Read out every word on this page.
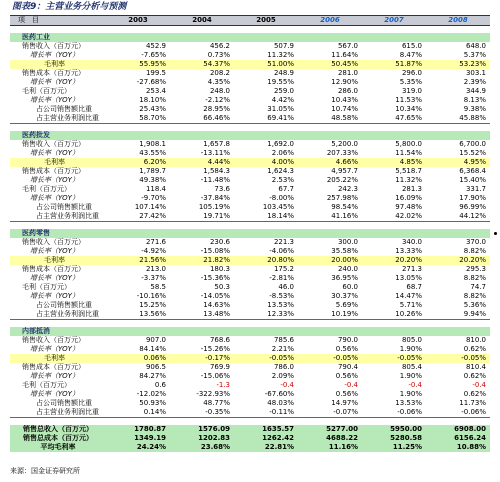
图表9：主营业务分析与预测
项　目	2003	2004	2005	2006	2007	2008

医药工业						
销售收入（百万元）	452.9	456.2	507.9	567.0	615.0	648.0
增长率（YOY）	-7.65%	0.73%	11.32%	11.64%	8.47%	5.37%
毛利率	55.95%	54.37%	51.00%	50.45%	51.87%	53.23%
销售成本（百万元）	199.5	208.2	248.9	281.0	296.0	303.1
增长率（YOY）	-27.68%	4.35%	19.55%	12.90%	5.35%	2.39%
毛利（百万元）	253.4	248.0	259.0	286.0	319.0	344.9
增长率（YOY）	18.10%	-2.12%	4.42%	10.43%	11.53%	8.13%
占公司销售额比重	25.43%	28.95%	31.05%	10.74%	10.34%	9.38%
占主营业务利润比重	58.70%	66.46%	69.41%	48.58%	47.65%	45.88%

医药批发						
销售收入（百万元）	1,908.1	1,657.8	1,692.0	5,200.0	5,800.0	6,700.0
增长率（YOY）	43.55%	-13.11%	2.06%	207.33%	11.54%	15.52%
毛利率	6.20%	4.44%	4.00%	4.66%	4.85%	4.95%
销售成本（百万元）	1,789.7	1,584.3	1,624.3	4,957.7	5,518.7	6,368.4
增长率（YOY）	49.38%	-11.48%	2.53%	205.22%	11.32%	15.40%
毛利（百万元）	118.4	73.6	67.7	242.3	281.3	331.7
增长率（YOY）	-9.70%	-37.84%	-8.00%	257.98%	16.09%	17.90%
占公司销售额比重	107.14%	105.19%	103.45%	98.54%	97.48%	96.99%
占主营业务利润比重	27.42%	19.71%	18.14%	41.16%	42.02%	44.12%

医药零售						
销售收入（百万元）	271.6	230.6	221.3	300.0	340.0	370.0
增长率（YOY）	-4.92%	-15.08%	-4.06%	35.58%	13.33%	8.82%
毛利率	21.56%	21.82%	20.80%	20.00%	20.20%	20.20%
销售成本（百万元）	213.0	180.3	175.2	240.0	271.3	295.3
增长率（YOY）	-3.37%	-15.36%	-2.81%	36.95%	13.05%	8.82%
毛利（百万元）	58.5	50.3	46.0	60.0	68.7	74.7
增长率（YOY）	-10.16%	-14.05%	-8.53%	30.37%	14.47%	8.82%
占公司销售额比重	15.25%	14.63%	13.53%	5.69%	5.71%	5.36%
占主营业务利润比重	13.56%	13.48%	12.33%	10.19%	10.26%	9.94%

内部抵消						
销售收入（百万元）	907.0	768.6	785.6	790.0	805.0	810.0
增长率（YOY）	84.14%	-15.26%	2.21%	0.56%	1.90%	0.62%
毛利率	0.06%	-0.17%	-0.05%	-0.05%	-0.05%	-0.05%
销售成本（百万元）	906.5	769.9	786.0	790.4	805.4	810.4
增长率（YOY）	84.27%	-15.06%	2.09%	0.56%	1.90%	0.62%
毛利（百万元）	0.6	-1.3	-0.4	-0.4	-0.4	-0.4
增长率（YOY）	-12.02%	-322.93%	-67.60%	0.56%	1.90%	0.62%
占公司销售额比重	50.93%	48.77%	48.03%	14.97%	13.53%	11.73%
占主营业务利润比重	0.14%	-0.35%	-0.11%	-0.07%	-0.06%	-0.06%

销售总收入（百万元）	1780.87	1576.09	1635.57	5277.00	5950.00	6908.00
销售总成本（百万元）	1349.19	1202.83	1262.42	4688.22	5280.58	6156.24
平均毛利率	24.24%	23.68%	22.81%	11.16%	11.25%	10.88%
来源：国金证券研究所
